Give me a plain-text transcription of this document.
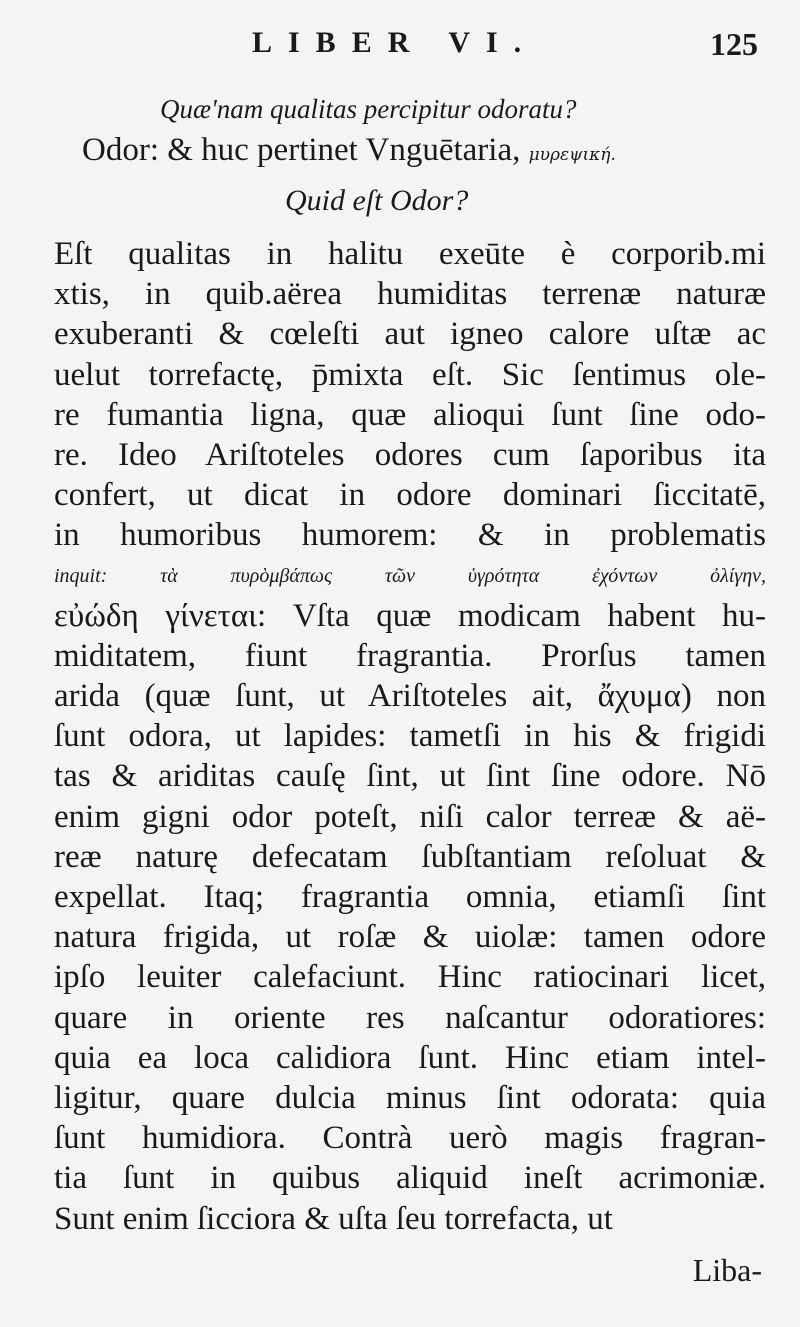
LIBER VI.	125
Quæ'nam qualitas percipitur odoratu?
Odor: & huc pertinet Vnguētaria, μυρεψική.
Quid eſt Odor?
Eſt qualitas in halitu exeūte è corporib.mi
xtis, in quib.aërea humiditas terrenæ naturæ
exuberanti & cœleſti aut igneo calore uſtæ ac
uelut torrefactę, p̄mixta eſt. Sic ſentimus ole-
re fumantia ligna, quæ alioqui ſunt ſine odo-
re. Ideo Ariſtoteles odores cum ſaporibus ita
confert, ut dicat in odore dominari ſiccitatē,
in humoribus humorem: & in problematis
inquit: τὰ πυρὸμβάπως τῶν ὑγρότητα ἐχόντων ὀλίγην,
εὐώδη γίνεται: Vſta quæ modicam habent hu-
miditatem, fiunt fragrantia. Prorſus tamen
arida (quæ ſunt, ut Ariſtoteles ait, ἄχυμα) non
ſunt odora, ut lapides: tametſi in his & frigidi
tas & ariditas cauſę ſint, ut ſint ſine odore. Nō
enim gigni odor poteſt, niſi calor terreæ & aë-
reæ naturę defecatam ſubſtantiam reſoluat &
expellat. Itaq; fragrantia omnia, etiamſi ſint
natura frigida, ut roſæ & uiolæ: tamen odore
ipſo leuiter calefaciunt. Hinc ratiocinari licet,
quare in oriente res naſcantur odoratiores:
quia ea loca calidiora ſunt. Hinc etiam intel-
ligitur, quare dulcia minus ſint odorata: quia
ſunt humidiora. Contrà uerò magis fragran-
tia ſunt in quibus aliquid ineſt acrimoniæ.
Sunt enim ſicciora & uſta ſeu torrefacta, ut
Liba-
